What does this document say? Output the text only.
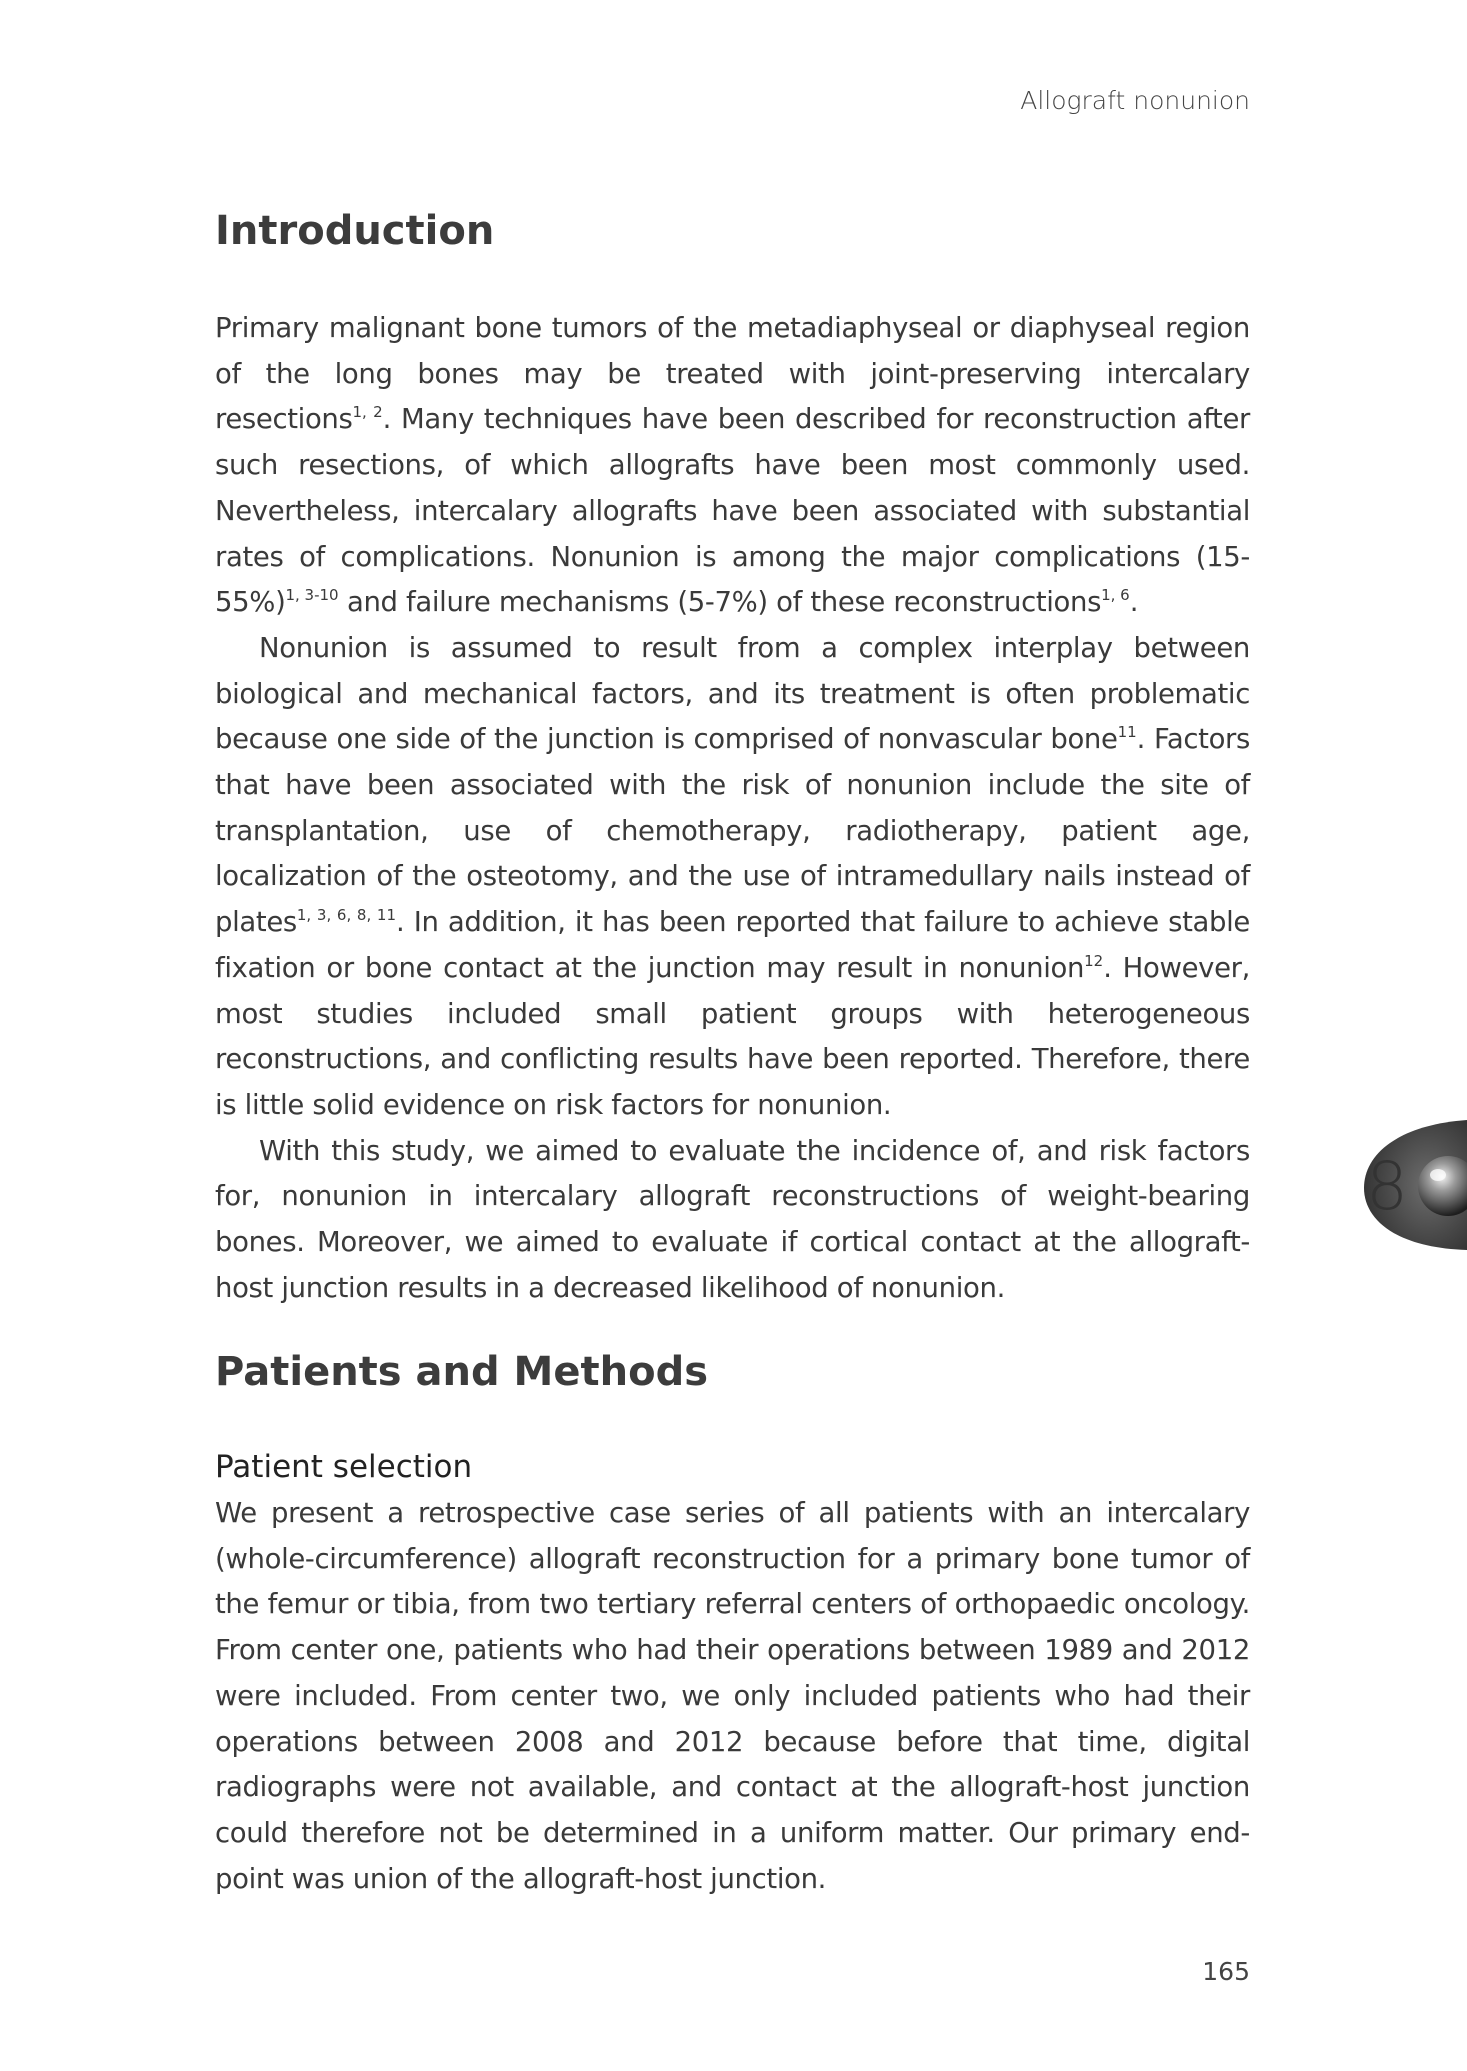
Allograft nonunion
Introduction

Primary malignant bone tumors of the metadiaphyseal or diaphyseal region of the long bones may be treated with joint-preserving intercalary resections$^{1, 2}$. Many techniques have been described for reconstruction after such resections, of which allografts have been most commonly used. Nevertheless, intercalary allografts have been associated with substantial rates of complications. Nonunion is among the major complications $(15-55\%)^{1, 3-10}$ and failure mechanisms (5-7%) of these reconstructions$^{1, 6}$.

Nonunion is assumed to result from a complex interplay between biological and mechanical factors, and its treatment is often problematic because one side of the junction is comprised of nonvascular bone$^{11}$. Factors that have been associated with the risk of nonunion include the site of transplantation, use of chemotherapy, radiotherapy, patient age, localization of the osteotomy, and the use of intramedullary nails instead of plates$^{1, 3, 6, 8, 11}$. In addition, it has been reported that failure to achieve stable fixation or bone contact at the junction may result in nonunion$^{12}$. However, most studies included small patient groups with heterogeneous reconstructions, and conflicting results have been reported. Therefore, there is little solid evidence on risk factors for nonunion.

With this study, we aimed to evaluate the incidence of, and risk factors for, nonunion in intercalary allograft reconstructions of weight-bearing bones. Moreover, we aimed to evaluate if cortical contact at the allograft-host junction results in a decreased likelihood of nonunion.

Patients and Methods
Patient selection

We present a retrospective case series of all patients with an intercalary (whole-circumference) allograft reconstruction for a primary bone tumor of the femur or tibia, from two tertiary referral centers of orthopaedic oncology. From center one, patients who had their operations between 1989 and 2012 were included. From center two, we only included patients who had their operations between 2008 and 2012 because before that time, digital radiographs were not available, and contact at the allograft-host junction could therefore not be determined in a uniform matter. Our primary end-point was union of the allograft-host junction.

8
165
